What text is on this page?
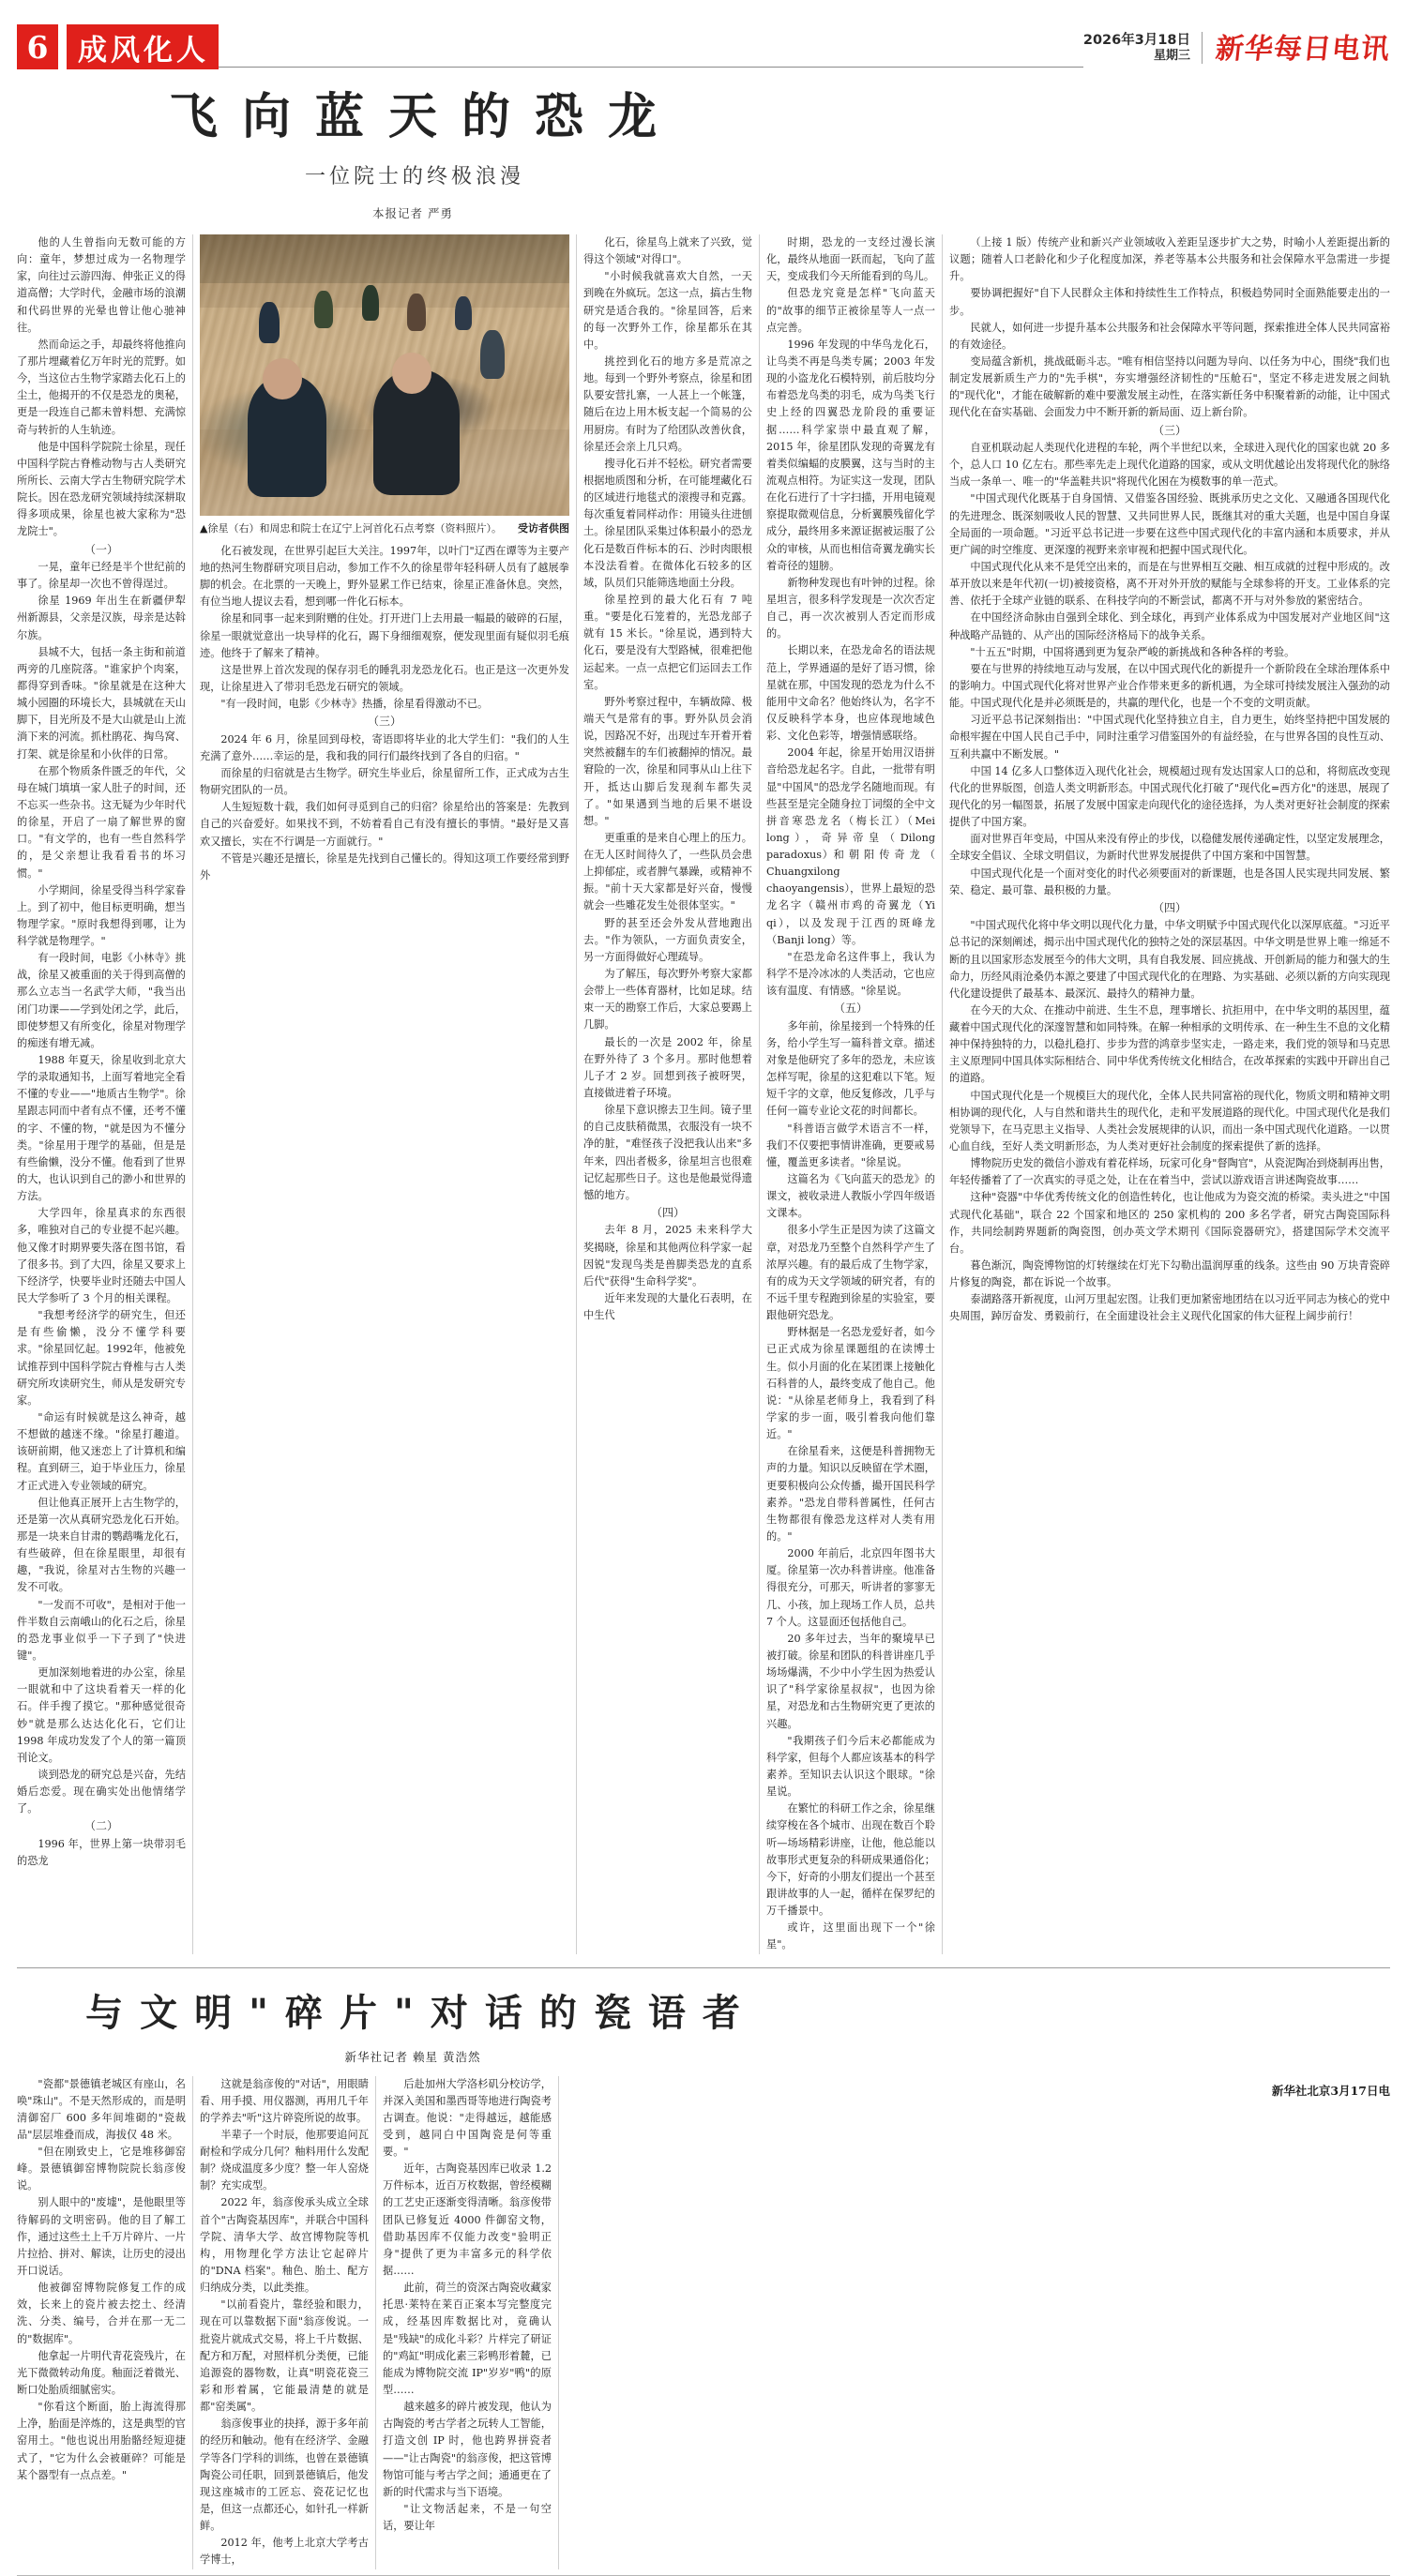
6	成风化人	2026年3月18日
星期三 新华每日电讯
飞向蓝天的恐龙
一位院士的终极浪漫
本报记者 严勇

他的人生曾指向无数可能的方向：童年，梦想过成为一名物理学家，向往过云游四海、伸张正义的得道高僧；大学时代，金融市场的浪潮和代码世界的光晕也曾让他心驰神往。

然而命运之手，却最终将他推向了那片埋藏着亿万年时光的荒野。如今，当这位古生物学家踏去化石上的尘土，他揭开的不仅是恐龙的奥秘，更是一段连自己都未曾料想、充满惊奇与转折的人生轨迹。

他是中国科学院院士徐星，现任中国科学院古脊椎动物与古人类研究所所长、云南大学古生物研究院学术院长。因在恐龙研究领域持续深耕取得多项成果，徐星也被大家称为"恐龙院士"。

（一）

一晃，童年已经是半个世纪前的事了。徐星却一次也不曾得逞过。

徐星 1969 年出生在新疆伊犁州新源县，父亲是汉族，母亲是达斡尔族。

县城不大，包括一条主街和前道两旁的几座院落。"谁家护个肉案，都得穿到香味。"徐星就是在这种大城小园圈的环境长大，县城就在天山脚下，目光所及不是大山就是山上流淌下来的河流。抓杜鹃花、掏鸟窝、打架、就是徐星和小伙伴的日常。

在那个物质条件匮乏的年代，父母在城门填填一家人肚子的时间，还不忘买一些杂书。这无疑为少年时代的徐星，开启了一扇了解世界的窗口。"有文学的，也有一些自然科学的，是父亲想让我看看书的坏习惯。"

小学期间，徐星受得当科学家眷上。到了初中，他目标更明确，想当物理学家。"原时我想得到哪，让为科学就是物理学。"

有一段时间，电影《小林寺》挑战，徐星又被重面的关于得到高僧的那么立志当一名武学大师，"我当出闭门功课——学到处闭之学，此后，即使梦想又有所变化，徐星对物理学的痴迷有增无减。

1988 年夏天，徐星收到北京大学的录取通知书，上面写着地完全看不懂的专业——"地质古生物学"。徐星跟志同而中者有点不懂，还考不懂的字、不懂的物，"就是因为不懂分类。"徐星用于理学的基础，但是是有些偷懒，没分不懂。他看到了世界的大，也认识到自己的渺小和世界的方法。

大学四年，徐星真求的东西很多，唯独对自己的专业提不起兴趣。他又像才时期界要失落在图书馆，看了很多书。到了大四，徐星又要求上下经济学，快要毕业时还随去中国人民大学参听了 3 个月的相关课程。

"我想考经济学的研究生，但还是有些偷懒，没分不懂学科要求。"徐星回忆起。1992年，他被免试推荐到中国科学院古脊椎与古人类研究所攻读研究生，师从是发研究专家。

"命运有时候就是这么神奇，越不想做的越迷不缘。"徐星打趣道。该研前期，他又迷恋上了计算机和编程。直到研三，迫于毕业压力，徐星才正式进入专业领域的研究。

但让他真正展开上古生物学的，还是第一次从真研究恐龙化石开始。那是一块来自甘肃的鹦鹉嘴龙化石，有些破碎，但在徐星眼里，却很有趣，"我说，徐星对古生物的兴趣一发不可收。

"一发而不可收"，是相对于他一件半数自云南峨山的化石之后，徐星的恐龙事业似乎一下子到了"快进键"。

更加深刻地着进的办公室，徐星一眼就和中了这块看着天一样的化石。伴手搜了摸它。"那种感觉很奇妙"就是那么达达化化石，它们让 1998 年成功发发了个人的第一篇顶刊论文。

谈到恐龙的研究总是兴奋，先结婚后恋爱。现在确实处出他情绪学了。

（二）

1996 年，世界上第一块带羽毛的恐龙

▲徐星（右）和周忠和院士在辽宁上河首化石点考察（资料照片）。 受访者供图

化石被发现，在世界引起巨大关注。1997年，以叶门"辽西在谭等为主要产地的热河生物群研究项目启动，参加工作不久的徐星带年轻科研人员有了越展拳脚的机会。在北票的一天晚上，野外显累工作已结束，徐星正准备休息。突然，有位当地人提议去看，想到哪一件化石标本。

徐星和同事一起来到附赠的住处。打开进门上去用最一幅最的破碎的石屋，徐星一眼就觉意出一块导样的化石，踢下身细细观察，便发现里面有疑似羽毛痕迹。他终于了解来了精神。

这是世界上首次发现的保存羽毛的睡乳羽龙恐龙化石。也正是这一次更外发现，让徐星进入了带羽毛恐龙石研究的领域。

"有一段时间，电影《少林寺》热播，徐星看得激动不已。

（三）

2024 年 6 月，徐星回到母校，寄语即将毕业的北大学生们："我们的人生充满了意外……幸运的是，我和我的同行们最终找到了各自的归宿。"

而徐星的归宿就是古生物学。研究生毕业后，徐星留所工作，正式成为古生物研究团队的一员。

人生短短数十载，我们如何寻觅到自己的归宿？徐星给出的答案是：先教到自己的兴奋爱好。如果找不到，不妨着看自己有没有擅长的事情。"最好是又喜欢又擅长，实在不行调是一方面就行。"

不管是兴趣还是擅长，徐星是先找到自己懂长的。得知这项工作要经常到野外

化石，徐星鸟上就来了兴致，觉得这个领域"对得口"。

"小时候我就喜欢大自然，一天到晚在外疯玩。怎这一点，搞古生物研究是适合我的。"徐星回答，后来的每一次野外工作，徐星都乐在其中。

挑控到化石的地方多是荒凉之地。每到一个野外考察点，徐星和团队要安营扎寨，一人甚上一个帐篷，随后在边上用木板支起一个简易的公用厨房。有时为了给团队改善伙食，徐星还会亲上几只鸡。

搜寻化石并不轻松。研究者需要根据地质图和分析，在可能埋藏化石的区域进行地毯式的滚搜寻和克露。每次重复着同样动作：用镜头往进刨土。徐星团队采集过体积最小的恐龙化石是数百件标本的石、沙时肉眼根本没法看着。在微体化石较多的区域，队员们只能筛选地面土分段。

徐星控到的最大化石有 7 吨重。"要是化石笼着的，光恐龙部子就有 15 米长。"徐星说，遇到特大化石，要是没有大型路械，很难把他运起来。一点一点把它们运回去工作室。

野外考察过程中，车辆故障、极端天气是常有的事。野外队员会消说，因路况不好，出现过车开着开着突然被翻车的车们被翻掉的情况。最窘险的一次，徐星和同事从山上往下开，抵达山脚后发现刹车都失灵了。"如果遇到当地的后果不堪设想。"

更重重的是来自心理上的压力。在无人区时间待久了，一些队员会患上抑郁症，或者脾气暴躁，或精神不振。"前十天大家都是好兴奋，慢慢就会一些雕花发生处很体坚实。"

野的甚至还会外发从营地跑出去。"作为领队，一方面负责安全，另一方面得做好心理疏导。

为了解压，每次野外考察大家都会带上一些体育器材，比如足球。结束一天的勘察工作后，大家总要踢上几脚。

最长的一次是 2002 年，徐星在野外待了 3 个多月。那时他想着儿子才 2 岁。回想到孩子被呀哭，直接做进着子环境。

徐星下意识擦去卫生间。镜子里的自己皮肤稍微黑，衣服没有一块不净的脏，"难怪孩子没把我认出来"多年来，四出者极多，徐星坦言也很难记忆起那些日子。这也是他最觉得遗憾的地方。

（四）

去年 8 月，2025 未来科学大奖揭晓，徐星和其他两位科学家一起因锐"发现鸟类是兽脚类恐龙的直系后代"获得"生命科学奖"。

近年来发现的大量化石表明，在中生代

时期，恐龙的一支经过漫长演化，最终从地面一跃而起，飞向了蓝天，变成我们今天所能看到的鸟儿。

但恐龙究竟是怎样"飞向蓝天的"故事的细节正被徐星等人一点一点完善。

1996 年发现的中华鸟龙化石，让鸟类不再是鸟类专属；2003 年发现的小盗龙化石模特别，前后肢均分布着恐龙鸟类的羽毛，成为鸟类飞行史上经的四翼恐龙阶段的重要证据……科学家崇中最直观了解，2015 年，徐星团队发现的奇翼龙有着类似编蝠的皮膜翼，这与当时的主流观点相符。为证实这一发现，团队在化石进行了十字扫描，开用电镜观察提取微观信息，分析翼膜残留化学成分，最终用多来源证据被运服了公众的审核，从而也相信奇翼龙确实长着奇径的翅膀。

新物种发现也有叶钟的过程。徐星坦言，很多科学发现是一次次否定自己，再一次次被别人否定而形成的。

长期以来，在恐龙命名的语法规范上，学界通逼的是好了语习惯，徐星就在那，中国发现的恐龙为什么不能用中文命名？他始终认为，名字不仅反映科学本身，也应体现地域色彩、文化色彩等，增强情感联络。

2004 年起，徐星开始用汉语拼音给恐龙起名字。自此，一批带有明显"中国风"的恐龙学名随地而现。有些甚至是完全随身拉丁词缀的全中文拼音寒恐龙名（梅长江）（Mei long），奇异帝皇（Dilong paradoxus）和 朝 阳 传 奇 龙 （ Chuangxilong chaoyangensis），世界上最短的恐龙名字（赣州市鸡的奇翼龙（Yi qi），以及发现于江西的斑峰龙（Banji long）等。

"在恐龙命名这件事上，我认为科学不是冷冰冰的人类活动，它也应该有温度、有情感。"徐星说。

（五）

多年前，徐星接到一个特殊的任务，给小学生写一篇科普文章。描述对象是他研究了多年的恐龙，未应该怎样写呢，徐星的这犯难以下笔。短短千字的文章，他反复修改，几乎与任何一篇专业论文花的时间都长。

"科普语言做学术语言不一样，我们不仅要把事情讲准确，更要戒易懂，覆盖更多读者。"徐星说。

这篇名为《飞向蓝天的恐龙》的课文，被收录进人教版小学四年级语文课本。

很多小学生正是因为读了这篇文章，对恐龙乃至整个自然科学产生了浓厚兴趣。有的最后成了生物学家，有的成为天文学领域的研究者，有的不远千里专程跑到徐星的实验室，要跟他研究恐龙。

野林据是一名恐龙爱好者，如今已正式成为徐星课题组的在读博士生。似小月面的化在某团课上接触化石科普的人，最终变成了他自己。他说："从徐星老师身上，我看到了科学家的步一面，吸引着我向他们靠近。"

在徐星看来，这便是科普拥物无声的力量。知识以反映留在学术圈，更要积极向公众传播，撮开国民科学素养。"恐龙自带科普属性，任何古生物都很有像恐龙这样对人类有用的。"

2000 年前后，北京四年图书大厦。徐星第一次办科普讲座。他准备得很充分，可那天，听讲者的寥寥无几、小孩，加上现场工作人员，总共 7 个人。这显面还包括他自己。

20 多年过去，当年的聚境早已被打破。徐星和团队的科普讲座几乎场场爆满，不少中小学生因为热爱认识了"科学家徐星叔叔"，也因为徐星，对恐龙和古生物研究更了更浓的兴趣。

"我期孩子们今后末必都能成为科学家，但每个人都应该基本的科学素养。至知识去认识这个眼球。"徐星说。

在繁忙的科研工作之余，徐星继续穿梭在各个城市、出现在数百个聆听—场场精彩讲座，让他，他总能以故事形式更复杂的科研成果通俗化；今下，好奇的小朋友们提出一个甚至跟讲故事的人一起，循样在保罗纪的万千播景中。

或许，这里面出现下一个"徐星"。

（上接 1 版）传统产业和新兴产业领域收入差距呈逐步扩大之势，时喻小人差距提出新的议题；随着人口老龄化和少子化程度加深，养老等基本公共服务和社会保障水平急需进一步提升。

要协调把握好"自下人民群众主体和持续性生工作特点，积极趋势同时全面熟能要走出的一步。

民就人，如何进一步提升基本公共服务和社会保障水平等问题，探索推进全体人民共同富裕的有效途径。

变局蕴含新机，挑战砥砺斗志。"唯有相信坚持以问题为导向、以任务为中心，围绕"我们也制定发展新质生产力的"先手棋"，夯实增强经济韧性的"压舱石"，坚定不移走进发展之间轨的"现代化"，才能在破解新的难中要激发展主动性，在落实新任务中积聚着新的动能，让中国式现代化在奋实基础、会面发力中不断开新的新局面、迈上新台阶。

（三）

自亚机联动起人类现代化进程的车轮，两个半世纪以来，全球进入现代化的国家也就 20 多个，总人口 10 亿左右。那些率先走上现代化道路的国家，或从文明优越论出发将现代化的脉络当成一条单一、唯一的"华盖鞋共识"将现代化困在为模数事的单一范式。

"中国式现代化既基于自身国情、又借鉴各国经验、既挑承历史之文化、又融通各国现代化的先进理念、既深刻吸收人民的智慧、又共同世界人民，既继其对的重大关题，也是中国自身谋全局面的一项命题。"习近平总书记进一步要在这些中国式现代化的丰富内涵和本质要求，并从更广阔的时空维度、更深邃的视野来亲审视和把握中国式现代化。

中国式现代化从来不是凭空出来的，而是在与世界相互交融、相互成就的过程中形成的。改革开放以来是年代初(一切)被接资格，离不开对外开放的赋能与全球参将的开支。工业体系的完善、依托于全球产业链的联系、在科技学向的不断尝试，都离不开与对外参放的紧密结合。

在中国经济命脉由自强到全球化、到全球化，再到产业体系成为中国发展对产业地区间"这种战略产品链的、从产出的国际经济格局下的战争关系。

"十五五"时期，中国将遇到更为复杂严峻的新挑战和各种各样的考验。

要在与世界的持续地互动与发展，在以中国式现代化的新提升一个新阶段在全球治理体系中的影响力。中国式现代化将对世界产业合作带来更多的新机遇，为全球可持续发展注入强劲的动能。中国式现代化是并必须既是的，共赢的理代化，也是一个不变的文明贡献。

习近平总书记深刻指出："中国式现代化坚持独立自主，自力更生，始终坚持把中国发展的命根牢握在中国人民自己手中，同时注重学习借鉴国外的有益经验，在与世界各国的良性互动、互利共赢中不断发展。"

中国 14 亿多人口整体迈入现代化社会，规模超过现有发达国家人口的总和，将彻底改变现代化的世界版图，创造人类文明新形态。中国式现代化打破了"现代化=西方化"的迷思，展现了现代化的另一幅图景，拓展了发展中国家走向现代化的途径选择，为人类对更好社会制度的探索提供了中国方案。

面对世界百年变局，中国从来没有停止的步伐，以稳健发展传递确定性，以坚定发展理念，全球安全倡议、全球文明倡议，为新时代世界发展提供了中国方案和中国智慧。

中国式现代化是一个面对变化的时代必须要面对的新课题，也是各国人民实现共同发展、繁荣、稳定、最可靠、最积极的力量。

（四）

"中国式现代化将中华文明以现代化力量，中华文明赋予中国式现代化以深厚底蕴。"习近平总书记的深刻阐述，揭示出中国式现代化的独特之处的深层基因。中华文明是世界上唯一绵延不断的且以国家形态发展至今的伟大文明，具有自我发展、回应挑战、开创新局的能力和强大的生命力，历经风雨沧桑仍本源之要建了中国式现代化的在理路、为实基础、必须以新的方向实现现代化建设提供了最基本、最深沉、最持久的精神力量。

在今天的大众、在推动中前进、生生不息，理事增长、抗拒用中，在中华文明的基因里，蕴藏着中国式现代化的深邃智慧和如同特殊。在解一种相承的文明传承、在一种生生不息的文化精神中保持独特的力，以稳扎稳打、步步为营的鸿章步坚实走，一路走来，我们党的领导和马克思主义原理同中国具体实际相结合、同中华优秀传统文化相结合，在改革探索的实践中开辟出自己的道路。

中国式现代化是一个规模巨大的现代化，全体人民共同富裕的现代化，物质文明和精神文明相协调的现代化，人与自然和谐共生的现代化，走和平发展道路的现代化。中国式现代化是我们党领导下，在马克思主义指导、人类社会发展规律的认识，而出一条中国式现代化道路。一以贯心血自线，至好人类文明新形态，为人类对更好社会制度的探索提供了新的选择。

博物院历史发的微信小游戏有着花样场，玩家可化身"督陶官"，从瓷泥陶冶到烧制再出售，年轻传播着了了一次真实的寻觅之处，让在在着当中，尝试以游戏语言讲述陶瓷故事……

这种"瓷器"中华优秀传统文化的创造性转化，也让他成为为瓷交流的桥梁。卖头进之"中国式现代化基础"，联合 22 个国家和地区的 250 家机构的 200 多名学者，研究古陶瓷国际科作，共同绘制跨界题新的陶瓷图，创办英文学术期刊《国际瓷器研究》，搭建国际学术交流平台。

暮色渐沉，陶瓷博物馆的灯转继续在灯光下勾勒出温润厚重的线条。这些由 90 万块青瓷碎片修复的陶瓷，都在诉说一个故事。

泰湖路落开新视度，山河万里起宏图。让我们更加紧密地团结在以习近平同志为核心的党中央周围，踔厉奋发、勇毅前行，在全面建设社会主义现代化国家的伟大征程上阔步前行！

与文明"碎片"对话的瓷语者
新华社记者 赖星 黄浩然

"瓷都"景德镇老城区有座山，名唤"珠山"。不是天然形成的，而是明清御窑厂 600 多年间堆砌的"瓷裁品"层层堆叠而成，海拔仅 48 米。

"但在刚致史上，它是堆移御窑峰。景德镇御窑博物院院长翁彦俊说。

别人眼中的"废墟"，是他眼里等待解码的文明密码。他的目了解工作，通过这些土上千万片碎片、一片片拉拾、拼对、解读，让历史的浸出开口说话。

他被御窑博物院修复工作的成效，长来上的瓷片被去挖土、经清洗、分类、编号，合并在那一无二的"数据库"。

他拿起一片明代青花瓷残片，在光下微微转动角度。釉面泛着微光、断口处胎质细腻密实。

"你看这个断面，胎上海流得那上净，胎面是淬炼的，这是典型的官窑用土。"他也说出用胎骼经短迎捷式了，"它为什么会被砸碎？可能是某个器型有一点点差。"

这就是翁彦俊的"对话"，用眼睛看、用手摸、用仪器测，再用几千年的学养去"听"这片碎瓷所说的故事。

半辈子一个时辰，他那要追问瓦耐检和学成分几何？釉料用什么发配制？烧成温度多少度？整一年人窑烧制？充实成型。

2022 年，翁彦俊承头成立全球首个"古陶瓷基因库"，并联合中国科学院、清华大学、故宫博物院等机构，用物理化学方法让它起碎片的"DNA 档案"。釉色、胎土、配方归纳成分类，以此类推。

"以前看瓷片，靠经验和眼力，现在可以靠数据下面"翁彦俊说。一批瓷片就成式交易，将上千片数据、配方和万配，对照样机分类便，已能追源瓷的器物数，让真"明瓷花瓷三彩和形着属，它能最清楚的就是都"窑类属"。

翁彦俊事业的抉择，源于多年前的经历和触动。他有在经济学、金融学等各门学科的训练，也曾在景德镇陶瓷公司任职，回到景德镇后，他发现这座城市的工匠忘、瓷花记忆也是，但这一点都还心，如针孔一样新鲜。

2012 年，他考上北京大学考古学博士，

后赴加州大学洛杉矶分校访学，并深入美国和墨西哥等地进行陶瓷考古调查。他说："走得越远，越能感受到，越同白中国陶瓷是何等重要。"

近年，古陶瓷基因库已收录 1.2 万件标本，近百万枚数据，曾经模糊的工艺史正逐渐变得清晰。翁彦俊带团队已修复近 4000 件御窑文物，借助基因库不仅能力改变"验明正身"提供了更为丰富多元的科学依据……

此前，荷兰的资深古陶瓷收藏家托思·莱特在莱百正案本写完整度完成，经基因库数据比对，竟确认是"残缺"的成化斗彩？片样完了研证的"鸡缸"明成化素三彩鸭形着麓，已能成为博物院交流 IP"岁岁"鸭"的原型……

越来越多的碎片被发现，他认为古陶瓷的考古学者之玩转人工智能，打造文创 IP 时，他也跨界拼瓷者——"让古陶瓷"的翁彦俊，把这管博物馆可能与考古学之间；通通更在了新的时代需求与当下语境。

"让文物活起来，不是一句空话，要让年

新华社北京3月17日电
